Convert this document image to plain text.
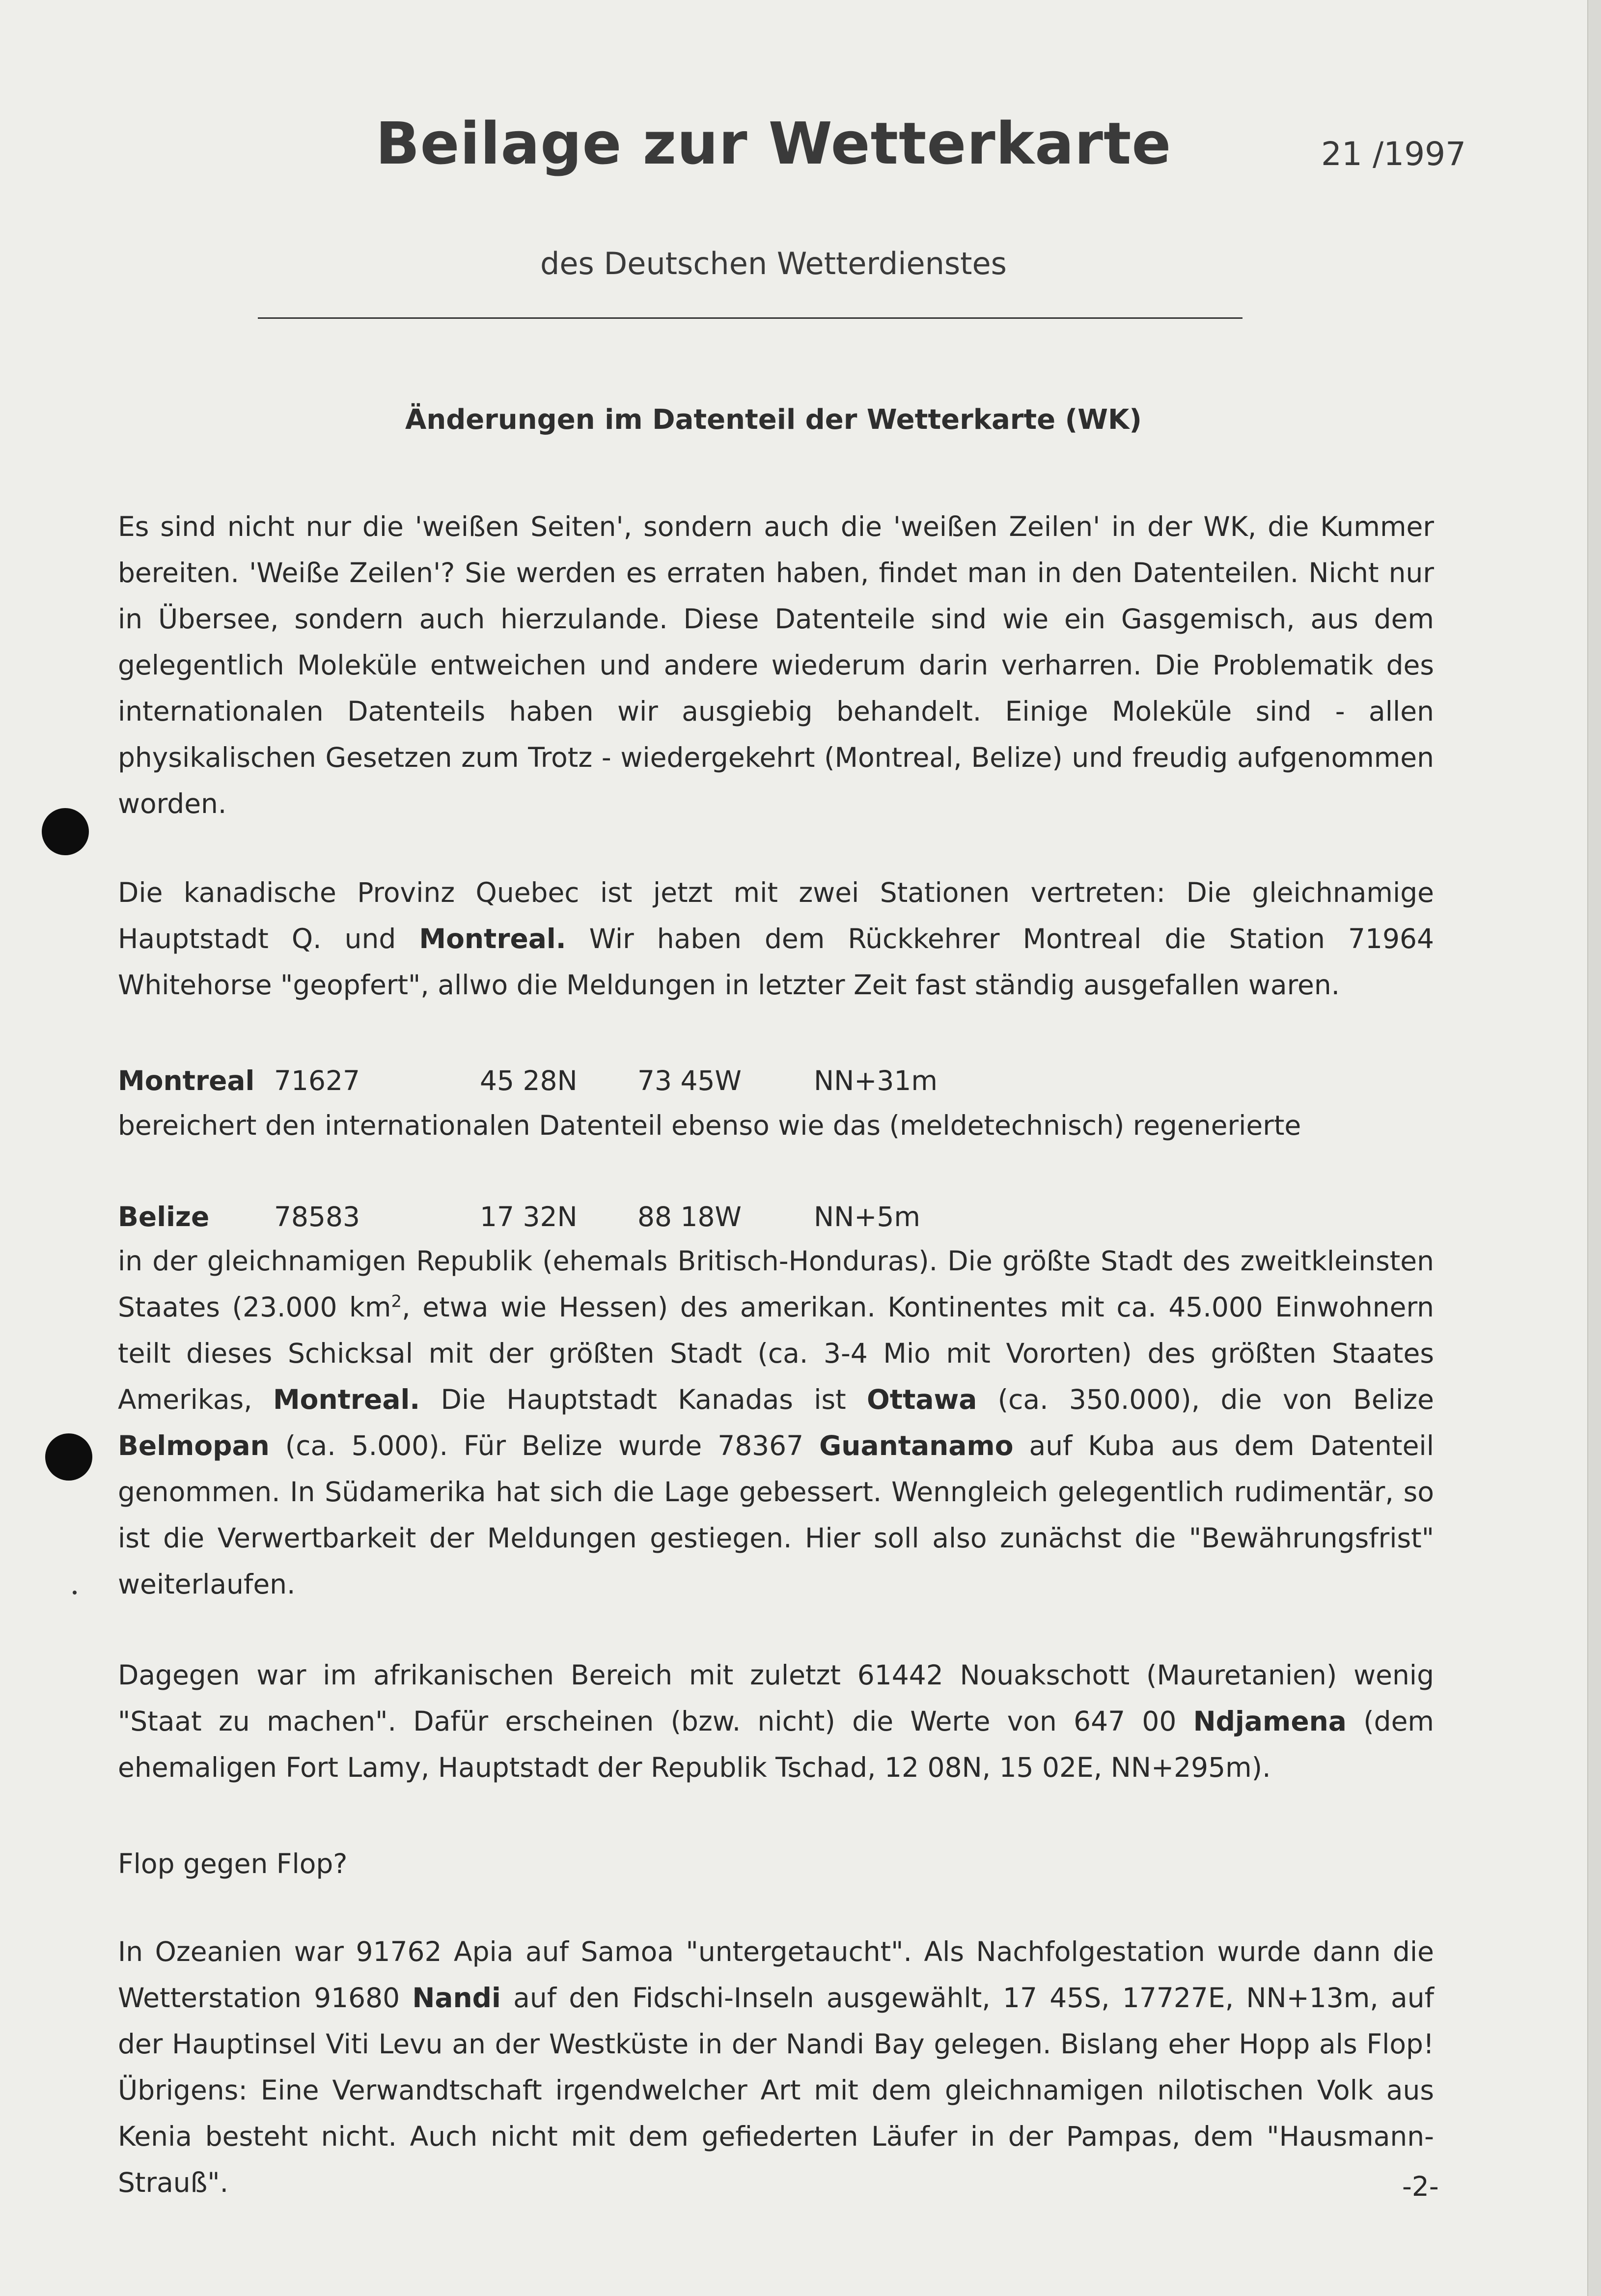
Beilage zur Wetterkarte	21 /1997
des Deutschen Wetterdienstes
Änderungen im Datenteil der Wetterkarte (WK)

Es sind nicht nur die 'weißen Seiten', sondern auch die 'weißen Zeilen' in der WK, die Kummer bereiten. 'Weiße Zeilen'? Sie werden es erraten haben, findet man in den Datenteilen. Nicht nur in Übersee, sondern auch hierzulande. Diese Datenteile sind wie ein Gasgemisch, aus dem gelegentlich Moleküle entweichen und andere wiederum darin verharren. Die Problematik des internationalen Datenteils haben wir ausgiebig behandelt. Einige Moleküle sind - allen physikalischen Gesetzen zum Trotz - wiedergekehrt (Montreal, Belize) und freudig aufgenommen worden.

Die kanadische Provinz Quebec ist jetzt mit zwei Stationen vertreten: Die gleichnamige Hauptstadt Q. und Montreal. Wir haben dem Rückkehrer Montreal die Station 71964 Whitehorse "geopfert", allwo die Meldungen in letzter Zeit fast ständig ausgefallen waren.

Montreal 71627	45 28N 73 45W	NN+31m

bereichert den internationalen Datenteil ebenso wie das (meldetechnisch) regenerierte

Belize 78583	17 32N 88 18W	NN+5m

in der gleichnamigen Republik (ehemals Britisch-Honduras). Die größte Stadt des zweitkleinsten Staates (23.000 $km^2$, etwa wie Hessen) des amerikan. Kontinentes mit ca. 45.000 Einwohnern teilt dieses Schicksal mit der größten Stadt (ca. 3-4 Mio mit Vororten) des größten Staates Amerikas, Montreal. Die Hauptstadt Kanadas ist Ottawa (ca. 350.000), die von Belize Belmopan (ca. 5.000). Für Belize wurde 78367 Guantanamo auf Kuba aus dem Datenteil genommen. In Südamerika hat sich die Lage gebessert. Wenngleich gelegentlich rudimentär, so ist die Verwertbarkeit der Meldungen gestiegen. Hier soll also zunächst die "Bewährungsfrist" weiterlaufen.

Dagegen war im afrikanischen Bereich mit zuletzt 61442 Nouakschott (Mauretanien) wenig "Staat zu machen". Dafür erscheinen (bzw. nicht) die Werte von 647 00 Ndjamena (dem ehemaligen Fort Lamy, Hauptstadt der Republik Tschad, 12 08N, 15 02E, NN+295m).

Flop gegen Flop?

In Ozeanien war 91762 Apia auf Samoa "untergetaucht". Als Nachfolgestation wurde dann die Wetterstation 91680 Nandi auf den Fidschi-Inseln ausgewählt, 17 45S, 17727E, NN+13m, auf der Hauptinsel Viti Levu an der Westküste in der Nandi Bay gelegen. Bislang eher Hopp als Flop! Übrigens: Eine Verwandtschaft irgendwelcher Art mit dem gleichnamigen nilotischen Volk aus Kenia besteht nicht. Auch nicht mit dem gefiederten Läufer in der Pampas, dem "Hausmann-Strauß".	-2-
